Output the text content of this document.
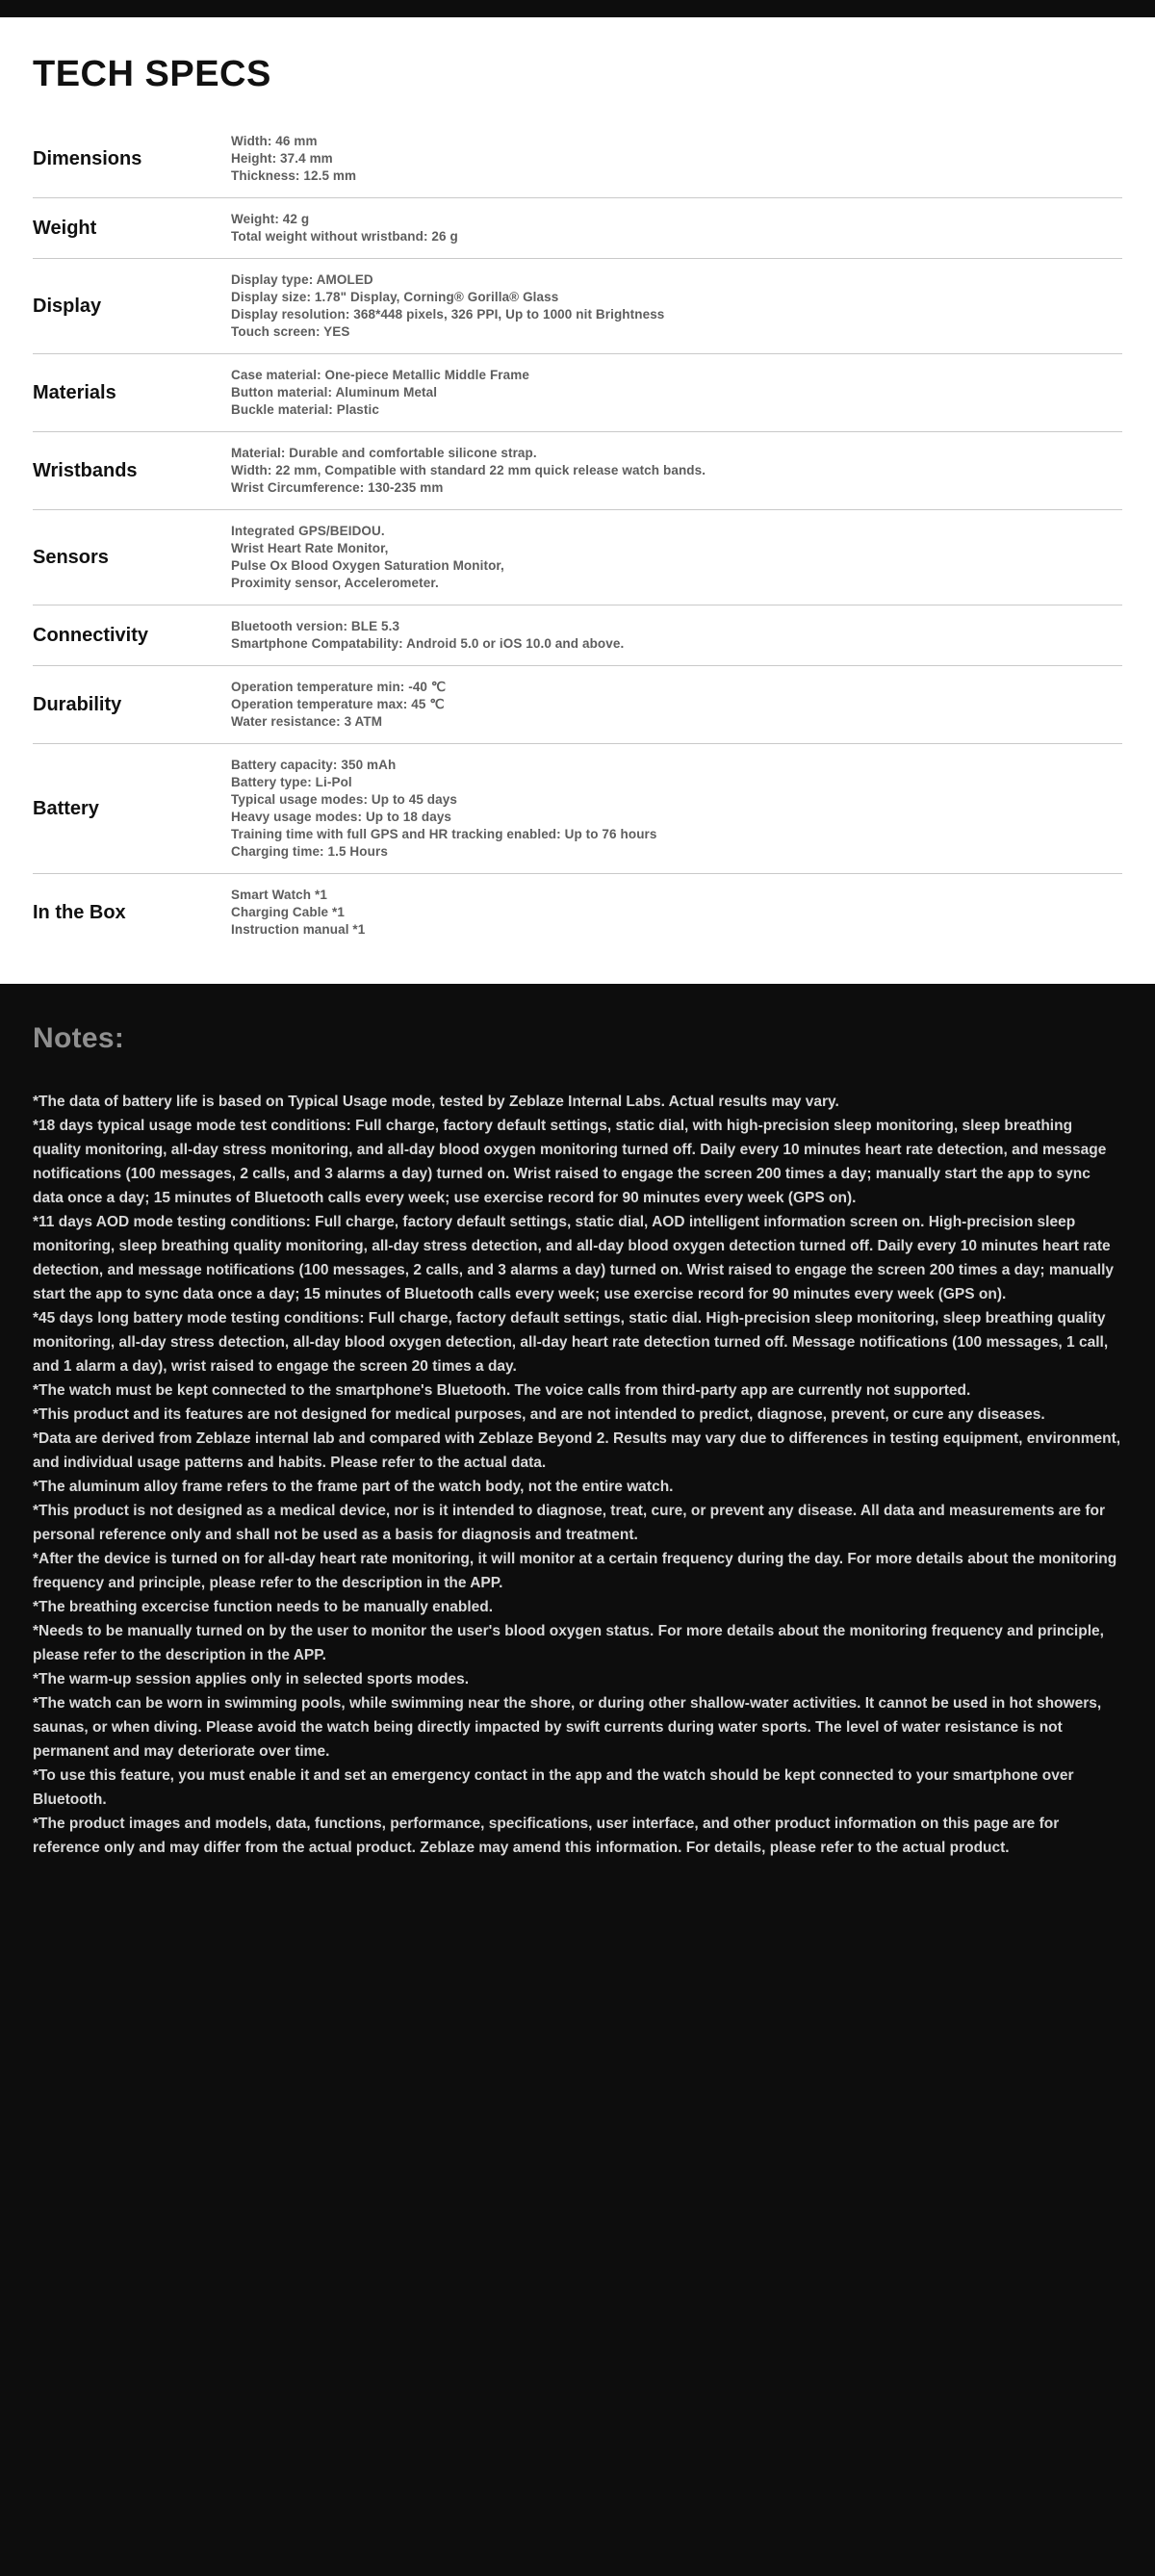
TECH SPECS
Dimensions

Width: 46 mm

Height: 37.4 mm

Thickness: 12.5 mm

Weight	Weight: 42 g

Total weight without wristband: 26 g

Display

Display type: AMOLED

Display size: 1.78" Display, Corning® Gorilla® Glass

Display resolution: 368*448 pixels, 326 PPI, Up to 1000 nit Brightness

Touch screen: YES

Materials

Case material: One-piece Metallic Middle Frame

Button material: Aluminum Metal

Buckle material: Plastic

Wristbands

Material: Durable and comfortable silicone strap.

Width: 22 mm, Compatible with standard 22 mm quick release watch bands.

Wrist Circumference: 130-235 mm

Sensors

Integrated GPS/BEIDOU.

Wrist Heart Rate Monitor,

Pulse Ox Blood Oxygen Saturation Monitor,

Proximity sensor, Accelerometer.

Connectivity	Bluetooth version: BLE 5.3

Smartphone Compatability: Android 5.0 or iOS 10.0 and above.

Durability

Operation temperature min: -40 ℃

Operation temperature max: 45 ℃

Water resistance: 3 ATM

Battery

Battery capacity: 350 mAh

Battery type: Li-Pol

Typical usage modes: Up to 45 days

Heavy usage modes: Up to 18 days

Training time with full GPS and HR tracking enabled: Up to 76 hours

Charging time: 1.5 Hours

In the Box

Smart Watch *1

Charging Cable *1

Instruction manual *1

Notes:

*The data of battery life is based on Typical Usage mode, tested by Zeblaze Internal Labs. Actual results may vary.

*18 days typical usage mode test conditions: Full charge, factory default settings, static dial, with high-precision sleep monitoring, sleep breathing quality monitoring, all-day stress monitoring, and all-day blood oxygen monitoring turned off. Daily every 10 minutes heart rate detection, and message notifications (100 messages, 2 calls, and 3 alarms a day) turned on. Wrist raised to engage the screen 200 times a day; manually start the app to sync data once a day; 15 minutes of Bluetooth calls every week; use exercise record for 90 minutes every week (GPS on).

*11 days AOD mode testing conditions: Full charge, factory default settings, static dial, AOD intelligent information screen on. High-precision sleep monitoring, sleep breathing quality monitoring, all-day stress detection, and all-day blood oxygen detection turned off. Daily every 10 minutes heart rate detection, and message notifications (100 messages, 2 calls, and 3 alarms a day) turned on. Wrist raised to engage the screen 200 times a day; manually start the app to sync data once a day; 15 minutes of Bluetooth calls every week; use exercise record for 90 minutes every week (GPS on).

*45 days long battery mode testing conditions: Full charge, factory default settings, static dial. High-precision sleep monitoring, sleep breathing quality monitoring, all-day stress detection, all-day blood oxygen detection, all-day heart rate detection turned off. Message notifications (100 messages, 1 call, and 1 alarm a day), wrist raised to engage the screen 20 times a day.

*The watch must be kept connected to the smartphone's Bluetooth. The voice calls from third-party app are currently not supported.

*This product and its features are not designed for medical purposes, and are not intended to predict, diagnose, prevent, or cure any diseases.

*Data are derived from Zeblaze internal lab and compared with Zeblaze Beyond 2. Results may vary due to differences in testing equipment, environment, and individual usage patterns and habits. Please refer to the actual data.

*The aluminum alloy frame refers to the frame part of the watch body, not the entire watch.

*This product is not designed as a medical device, nor is it intended to diagnose, treat, cure, or prevent any disease. All data and measurements are for personal reference only and shall not be used as a basis for diagnosis and treatment.

*After the device is turned on for all-day heart rate monitoring, it will monitor at a certain frequency during the day. For more details about the monitoring frequency and principle, please refer to the description in the APP.

*The breathing excercise function needs to be manually enabled.

*Needs to be manually turned on by the user to monitor the user's blood oxygen status. For more details about the monitoring frequency and principle, please refer to the description in the APP.

*The warm-up session applies only in selected sports modes.

*The watch can be worn in swimming pools, while swimming near the shore, or during other shallow-water activities. It cannot be used in hot showers, saunas, or when diving. Please avoid the watch being directly impacted by swift currents during water sports. The level of water resistance is not permanent and may deteriorate over time.

*To use this feature, you must enable it and set an emergency contact in the app and the watch should be kept connected to your smartphone over Bluetooth.

*The product images and models, data, functions, performance, specifications, user interface, and other product information on this page are for reference only and may differ from the actual product. Zeblaze may amend this information. For details, please refer to the actual product.
